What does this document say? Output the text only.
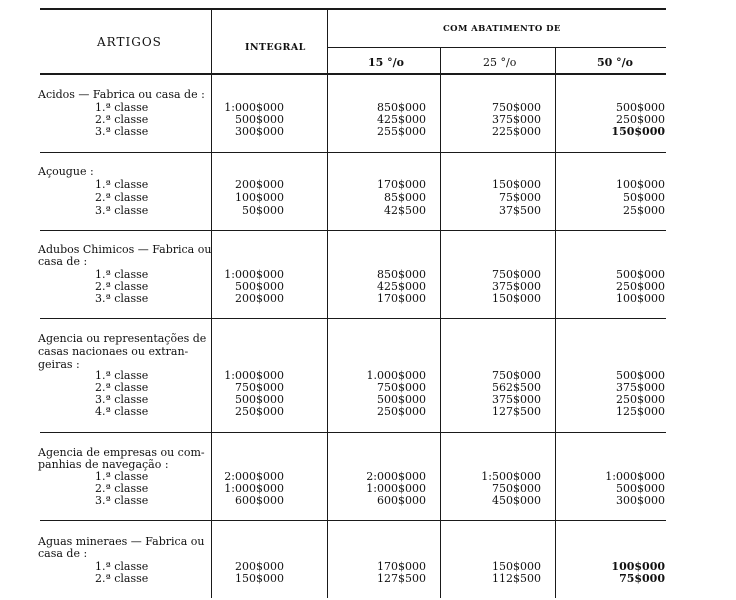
ARTIGOS	INTEGRAL
COM ABATIMENTO DE
15 °/o	25 °/o	50 °/o
Acidos — Fabrica ou casa de :
1.ª classe	1:000$000	850$000	750$000	500$000
2.ª classe	500$000	425$000	375$000	250$000
3.ª classe	300$000	255$000	225$000	150$000
Açougue :
1.ª classe	200$000	170$000	150$000	100$000
2.ª classe	100$000	85$000	75$000	50$000
3.ª classe	50$000	42$500	37$500	25$000
Adubos Chimicos — Fabrica ou
casa de :
1.ª classe	1:000$000	850$000	750$000	500$000
2.ª classe	500$000	425$000	375$000	250$000
3.ª classe	200$000	170$000	150$000	100$000
Agencia ou representações de
casas nacionaes ou extran-
geiras :
1.ª classe	1:000$000	1.000$000	750$000	500$000
2.ª classe	750$000	750$000	562$500	375$000
3.ª classe	500$000	500$000	375$000	250$000
4.ª classe	250$000	250$000	127$500	125$000
Agencia de empresas ou com-
panhias de navegação :
1.ª classe	2:000$000	2:000$000	1:500$000	1:000$000
2.ª classe	1:000$000	1:000$000	750$000	500$000
3.ª classe	600$000	600$000	450$000	300$000
Aguas mineraes — Fabrica ou
casa de :
1.ª classe	200$000	170$000	150$000	100$000
2.ª classe	150$000	127$500	112$500	75$000
